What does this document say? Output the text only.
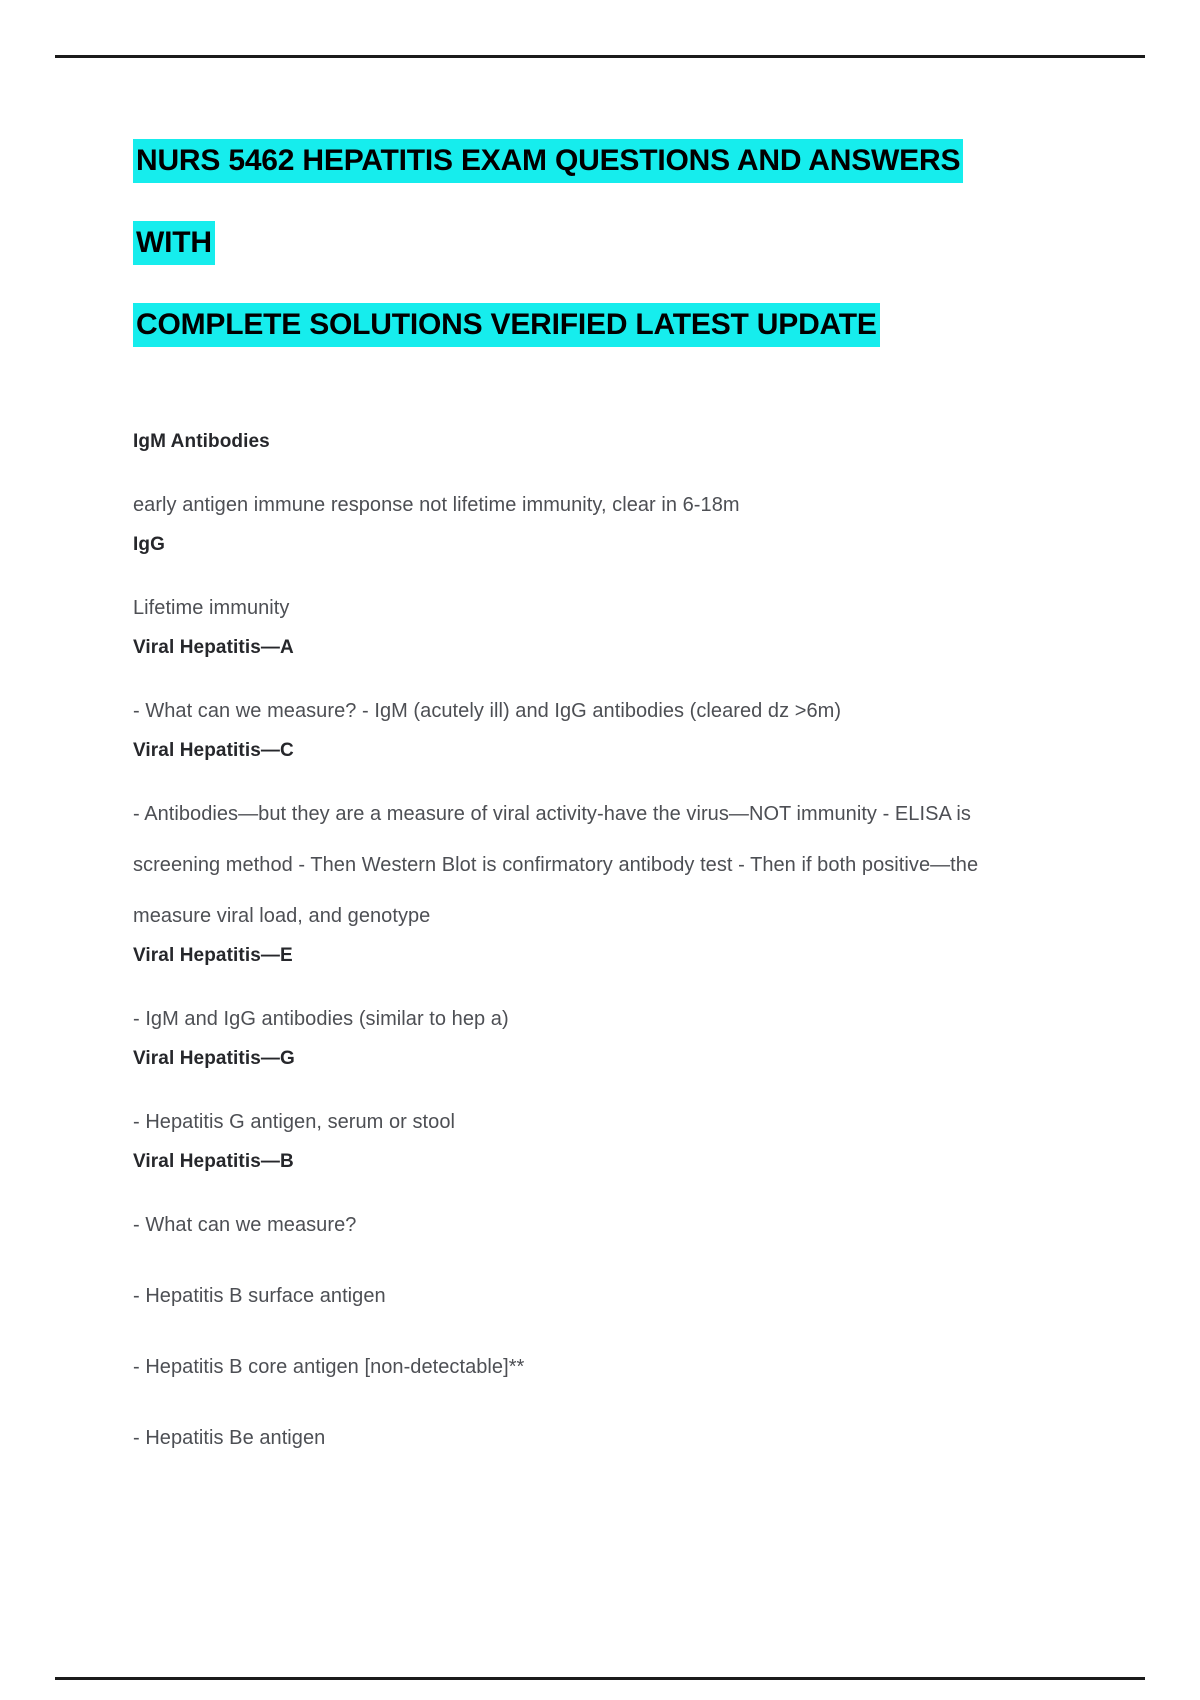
NURS 5462 HEPATITIS EXAM QUESTIONS AND ANSWERS WITH
COMPLETE SOLUTIONS VERIFIED LATEST UPDATE

IgM Antibodies

early antigen immune response not lifetime immunity, clear in 6-18m

IgG

Lifetime immunity

Viral Hepatitis—A

- What can we measure? - IgM (acutely ill) and IgG antibodies (cleared dz >6m)

Viral Hepatitis—C

- Antibodies—but they are a measure of viral activity-have the virus—NOT immunity - ELISA is screening method - Then Western Blot is confirmatory antibody test - Then if both positive—the measure viral load, and genotype

Viral Hepatitis—E

- IgM and IgG antibodies (similar to hep a)

Viral Hepatitis—G

- Hepatitis G antigen, serum or stool

Viral Hepatitis—B

- What can we measure?

- Hepatitis B surface antigen

- Hepatitis B core antigen [non-detectable]**

- Hepatitis Be antigen
